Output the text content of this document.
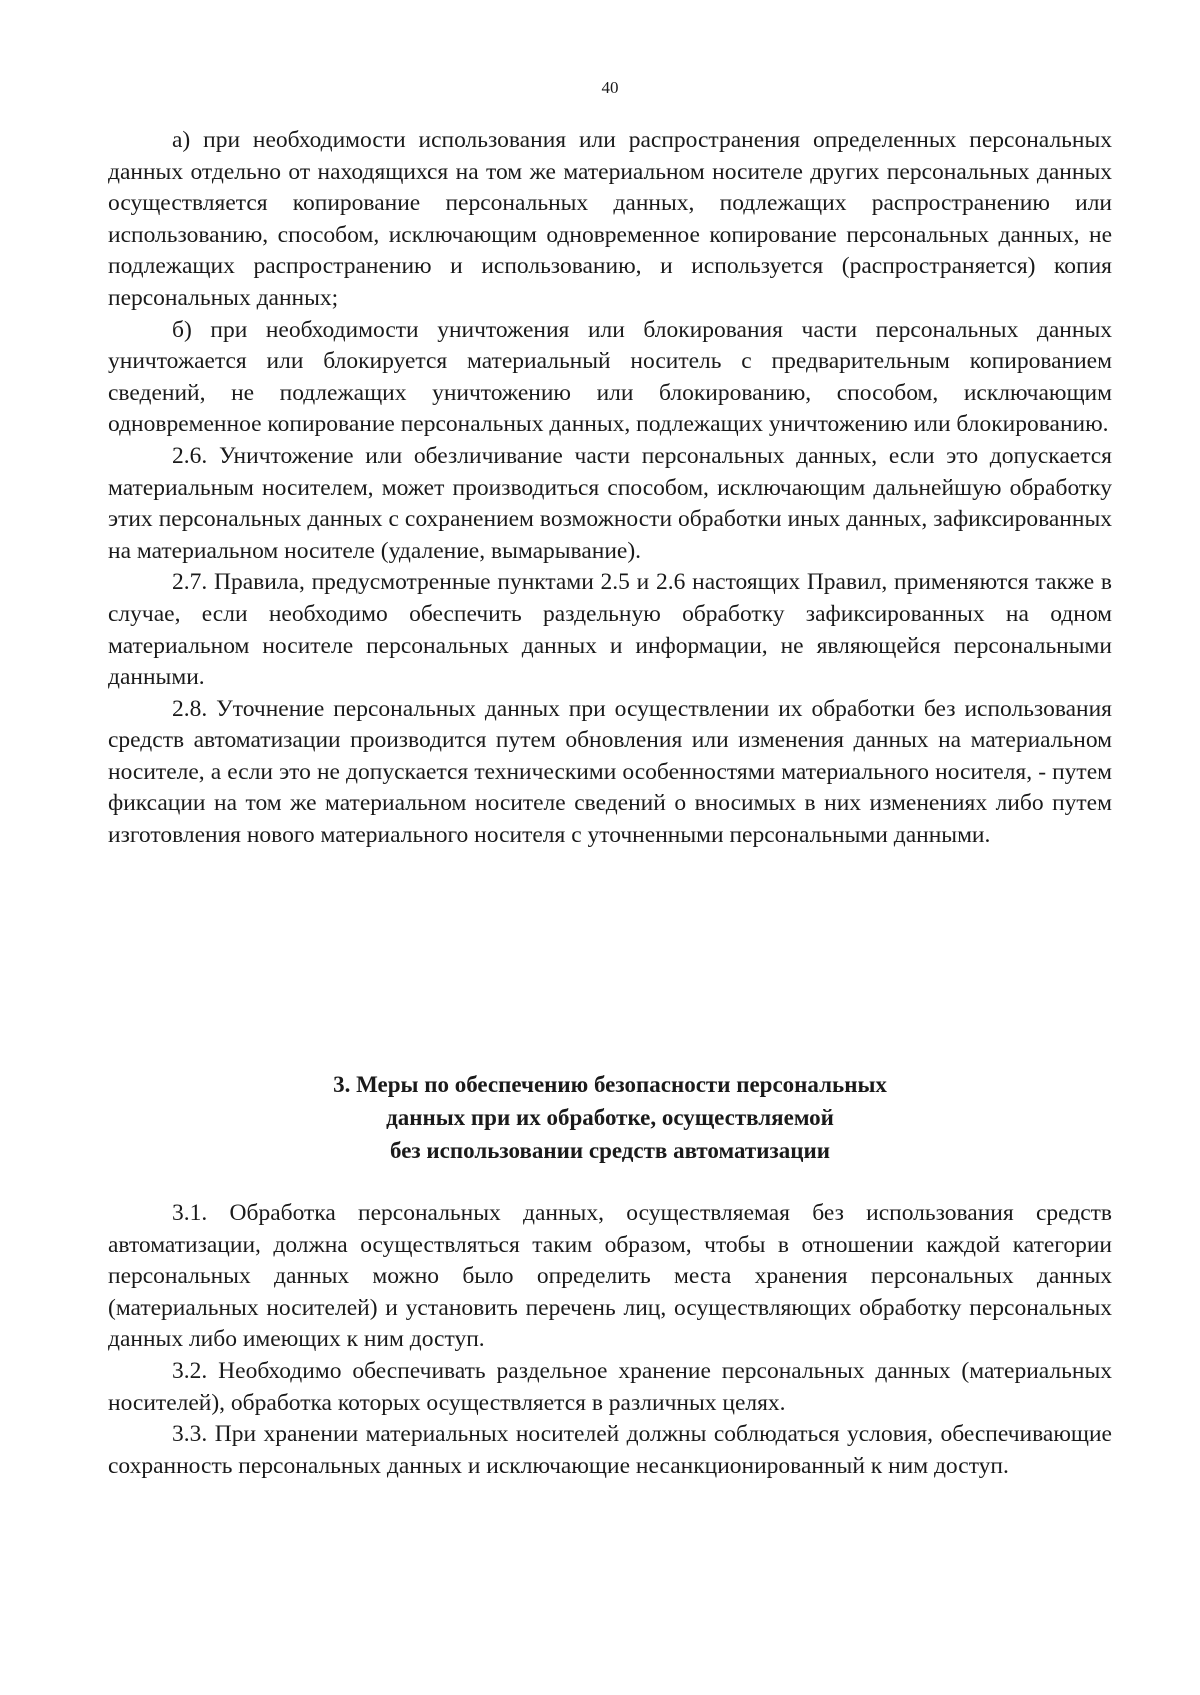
40

а) при необходимости использования или распространения определенных персональных данных отдельно от находящихся на том же материальном носителе других персональных данных осуществляется копирование персональных данных, подлежащих распространению или использованию, способом, исключающим одновременное копирование персональных данных, не подлежащих распространению и использованию, и используется (распространяется) копия персональных данных;

б) при необходимости уничтожения или блокирования части персональных данных уничтожается или блокируется материальный носитель с предварительным копированием сведений, не подлежащих уничтожению или блокированию, способом, исключающим одновременное копирование персональных данных, подлежащих уничтожению или блокированию.

2.6. Уничтожение или обезличивание части персональных данных, если это допускается материальным носителем, может производиться способом, исключающим дальнейшую обработку этих персональных данных с сохранением возможности обработки иных данных, зафиксированных на материальном носителе (удаление, вымарывание).

2.7. Правила, предусмотренные пунктами 2.5 и 2.6 настоящих Правил, применяются также в случае, если необходимо обеспечить раздельную обработку зафиксированных на одном материальном носителе персональных данных и информации, не являющейся персональными данными.

2.8. Уточнение персональных данных при осуществлении их обработки без использования средств автоматизации производится путем обновления или изменения данных на материальном носителе, а если это не допускается техническими особенностями материального носителя, - путем фиксации на том же материальном носителе сведений о вносимых в них изменениях либо путем изготовления нового материального носителя с уточненными персональными данными.

3. Меры по обеспечению безопасности персональных
данных при их обработке, осуществляемой
без использовании средств автоматизации

3.1. Обработка персональных данных, осуществляемая без использования средств автоматизации, должна осуществляться таким образом, чтобы в отношении каждой категории персональных данных можно было определить места хранения персональных данных (материальных носителей) и установить перечень лиц, осуществляющих обработку персональных данных либо имеющих к ним доступ.

3.2. Необходимо обеспечивать раздельное хранение персональных данных (материальных носителей), обработка которых осуществляется в различных целях.

3.3. При хранении материальных носителей должны соблюдаться условия, обеспечивающие сохранность персональных данных и исключающие несанкционированный к ним доступ.
